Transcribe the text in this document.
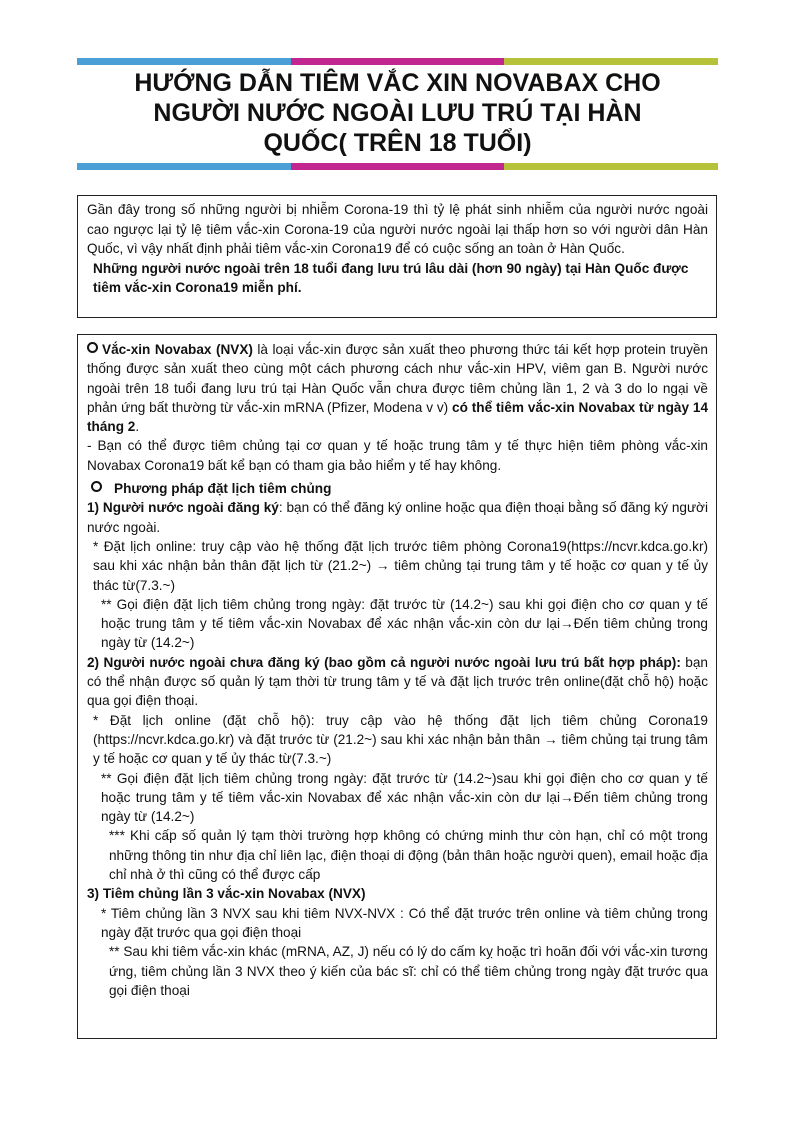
HƯỚNG DẪN TIÊM VẮC XIN NOVABAX CHO
NGƯỜI NƯỚC NGOÀI LƯU TRÚ TẠI HÀN
QUỐC( TRÊN 18 TUỔI)

Gần đây trong số những người bị nhiễm Corona-19 thì tỷ lệ phát sinh nhiễm của người nước ngoài cao ngược lại tỷ lệ tiêm vắc-xin Corona-19 của người nước ngoài lại thấp hơn so với người dân Hàn Quốc, vì vậy nhất định phải tiêm vắc-xin Corona19 để có cuộc sống an toàn ở Hàn Quốc.

Những người nước ngoài trên 18 tuổi đang lưu trú lâu dài (hơn 90 ngày) tại Hàn Quốc được tiêm vắc-xin Corona19 miễn phí.

Vắc-xin Novabax (NVX) là loại vắc-xin được sản xuất theo phương thức tái kết hợp protein truyền thống được sản xuất theo cùng một cách phương cách như vắc-xin HPV, viêm gan B. Người nước ngoài trên 18 tuổi đang lưu trú tại Hàn Quốc vẫn chưa được tiêm chủng lần 1, 2 và 3 do lo ngại về phản ứng bất thường từ vắc-xin mRNA (Pfizer, Modena v v) có thể tiêm vắc-xin Novabax từ ngày 14 tháng 2.

- Bạn có thể được tiêm chủng tại cơ quan y tế hoặc trung tâm y tế thực hiện tiêm phòng vắc-xin Novabax Corona19 bất kể bạn có tham gia bảo hiểm y tế hay không.

Phương pháp đặt lịch tiêm chủng

1) Người nước ngoài đăng ký: bạn có thể đăng ký online hoặc qua điện thoại bằng số đăng ký người nước ngoài.

* Đặt lịch online: truy cập vào hệ thống đặt lịch trước tiêm phòng Corona19(https://ncvr.kdca.go.kr) sau khi xác nhận bản thân đặt lịch từ (21.2~) → tiêm chủng tại trung tâm y tế hoặc cơ quan y tế ủy thác từ(7.3.~)

** Gọi điện đặt lịch tiêm chủng trong ngày: đặt trước từ (14.2~) sau khi gọi điện cho cơ quan y tế hoặc trung tâm y tế tiêm vắc-xin Novabax để xác nhận vắc-xin còn dư lại→Đến tiêm chủng trong ngày từ (14.2~)

2) Người nước ngoài chưa đăng ký (bao gồm cả người nước ngoài lưu trú bất hợp pháp): bạn có thể nhận được số quản lý tạm thời từ trung tâm y tế và đặt lịch trước trên online(đặt chỗ hộ) hoặc qua gọi điện thoại.

* Đặt lịch online (đặt chỗ hộ): truy cập vào hệ thống đặt lịch tiêm chủng Corona19 (https://ncvr.kdca.go.kr) và đặt trước từ (21.2~) sau khi xác nhận bản thân → tiêm chủng tại trung tâm y tế hoặc cơ quan y tế ủy thác từ(7.3.~)

** Gọi điện đặt lịch tiêm chủng trong ngày: đặt trước từ (14.2~)sau khi gọi điện cho cơ quan y tế hoặc trung tâm y tế tiêm vắc-xin Novabax để xác nhận vắc-xin còn dư lại→Đến tiêm chủng trong ngày từ (14.2~)

*** Khi cấp số quản lý tạm thời trường hợp không có chứng minh thư còn hạn, chỉ có một trong những thông tin như địa chỉ liên lạc, điện thoại di động (bản thân hoặc người quen), email hoặc địa chỉ nhà ở thì cũng có thể được cấp

3) Tiêm chủng lần 3 vắc-xin Novabax (NVX)

* Tiêm chủng lần 3 NVX sau khi tiêm NVX-NVX : Có thể đặt trước trên online và tiêm chủng trong ngày đặt trước qua gọi điện thoại

** Sau khi tiêm vắc-xin khác (mRNA, AZ, J) nếu có lý do cấm kỵ hoặc trì hoãn đối với vắc-xin tương ứng, tiêm chủng lần 3 NVX theo ý kiến của bác sĩ: chỉ có thể tiêm chủng trong ngày đặt trước qua gọi điện thoại
